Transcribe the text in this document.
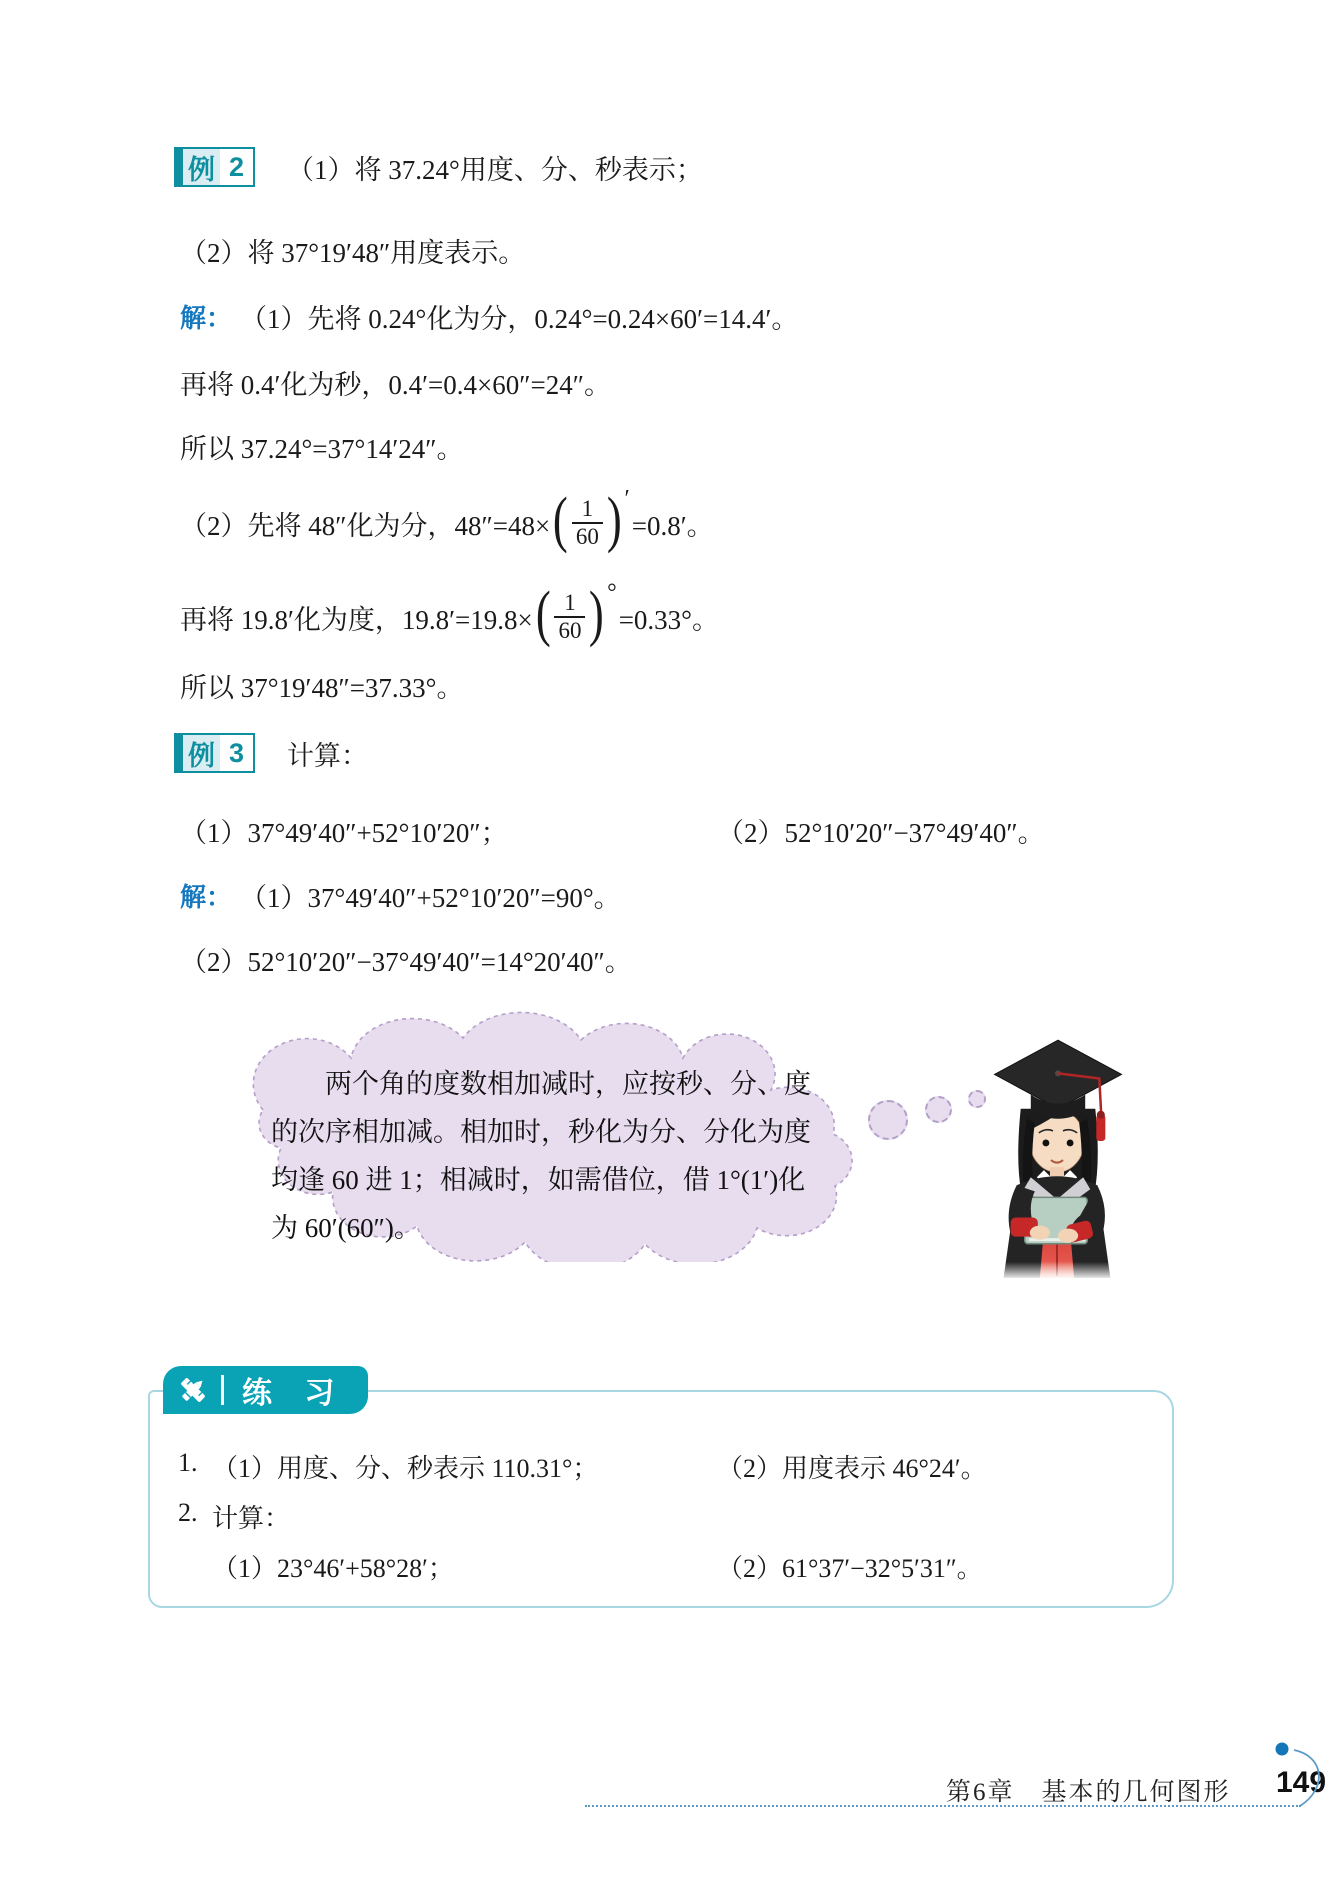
例 2	（1）将 37.24°用度、分、秒表示；
（2）将 37°19′48″用度表示。
解： （1）先将 0.24°化为分，0.24°=0.24×60′=14.4′。
再将 0.4′化为秒，0.4′=0.4×60″=24″。
所以 37.24°=37°14′24″。
（2）先将 48″化为分，48″=48× ( $\frac{1}{60}$ ) ′
=0.8′。
再将 19.8′化为度，19.8′=19.8× ( $\frac{1}{60}$ ) °
=0.33°。
所以 37°19′48″=37.33°。
例 3	计算：
（1）37°49′40″+52°10′20″；	（2）52°10′20″−37°49′40″。
解： （1）37°49′40″+52°10′20″=90°。
（2）52°10′20″−37°49′40″=14°20′40″。
两个角的度数相加减时，应按秒、分、度的次序相加减。相加时，秒化为分、分化为度均逢 60 进 1；相减时，如需借位，借 1°(1′)化为 60′(60″)。
练 习
1. （1）用度、分、秒表示 110.31°；	（2）用度表示 46°24′。
2. 计算：
（1）23°46′+58°28′；	（2）61°37′−32°5′31″。
第6章　基本的几何图形 149
